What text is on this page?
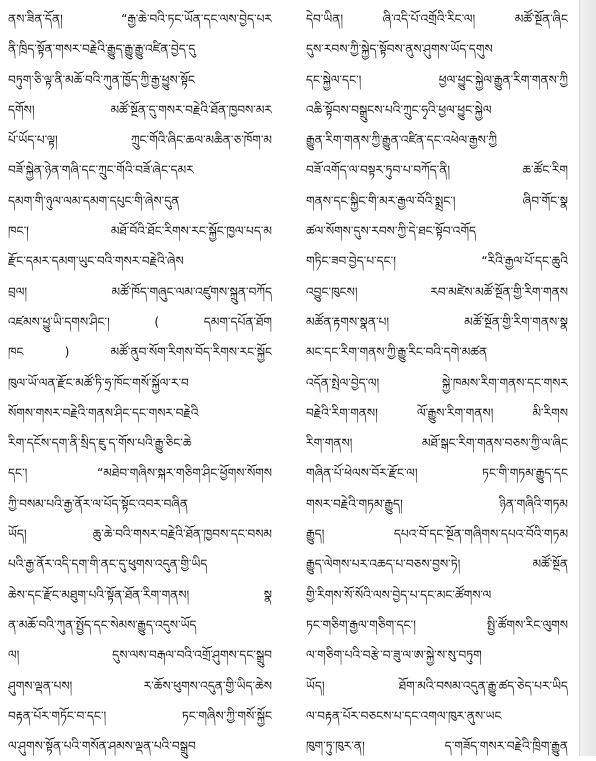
ནས་ཟིན་དོན། “རྒྱ་ཆེ་བའི་ཏང་ཡོན་དང་ལས་བྱེད་པར
ནི་ཁྲིད་སྟོན་གསར་བརྗེའི་རྒྱུད་རྒྱུ་རྒྱུ་འཛིན་བྱེད་དུ
བཏུག་ཅི་ལྟ་ནི་མཆོ་བའི་ཀུན་ཁྱོད་ཀྱི་རྒྱ་ཕྱུས་སྟོང
དགོས། མཚོ་སྔོན་དུ་གསར་བརྗེའི་ཐོན་ཁྱབས་མར
པོ་ཡོད་པ་ལྟ། ཀྲུང་གོའི་ཞིང་ཆལ་མཆིན་ཅ་ཁོག་མ
བཟོ་སྐྱེན་ཉེན་གཞི་དང་ཀྲུང་གོའི་བཟོ་ཞེང་དམར
དམག་གི་ཉུལ་ལམ་དམག་དཔུང་གི་ཞེས་དུན
ཁང་། མཐོ་བོའི་ཐོང་རིགས་རང་སྐྱོང་ཁྱལ་པད་མ
རྫོང་དམར་དམག་ཡུང་བའི་གསར་བརྗེའི་ཞེས
བྲལ། མཚོ་ཁོད་གཞུང་ལམ་འཛུགས་སྐྲུན་བཀོད
འཛམས་ཕྱུ་ཡི་དགས་ཤིང་། ( དམག་དཔོན་ཐོག
ཁང ) མཚོ་ནུབ་སོག་རིགས་བོད་རིགས་རང་སྐྱོང
ཁུལ་ཡོ་ལན་རྫོང་མཚོ་ཏི་ཧྲ་ཁོང་གསོ་སྐྱོལ་ར་བ
སོགས་གསར་བརྗེའི་གནས་ཤིང་དང་གསར་བརྗེའི
རིག་དངོས་དག་ནི་སྲིད་ཇུ་ད་གོས་པའི་རྒྱུ་ཅིང་ཆེ
དང་། “མཐེབ་གཞིས་སྐར་གཅིག་ཤིང་ཕྱོགས་སོགས
ཀྱི་བསམ་པའི་རྒྱ་ནོར་ལ་པོད་སྟོང་འབར་བཞིན
ཡོད། ཆུ་ཆེ་བའི་གསར་བརྗེའི་ཐོན་ཁྱབས་དང་བསམ
པའི་རྒྱ་ནོར་འདི་དག་གི་ནང་དུ་ཕུགས་འདུན་གྱི་ཡིད
ཆེས་དང་རྫོང་མཐུག་པའི་སྟོན་ཐོན་རིག་གནས། སྣ
ན་མཆོ་བའི་ཀུན་སྤྱོད་དང་སེམས་རྒྱུད་འདུས་ཡོད
ལ། དུས་ལས་བརྒལ་བའི་འགྲོ་ཤུགས་དང་སྒྲུབ
ཤུགས་ལྡན་པས། ར་ཆོས་ཕུགས་འདུན་གྱི་ཡིད་ཆེས
བརྟན་པོར་གཏོང་བ་དང་། ཏང་གཞིས་ཀྱི་གསོ་སྐྱོང
ལ་ཤུགས་སྟོན་པའི་གསོན་ཤམས་ལྡན་པའི་བསྒྲུབ
དེབ་ཡིན། ཞི་འདི་པོ་འགྲོའི་རིང་ལ། མཚོ་སྔོན་ཞིང
དུས་རབས་ཀྱི་སྐྱེད་སྟོབས་ནུས་ཤུགས་ཡོད་དགུས
དང་སྐྱེལ་དང་། ཕྱལ་ཕྱུང་སྐྱེལ་རྒྱུན་རིག་གནས་ཀྱི
འཆི་སྟོབས་བསྒྲུངས་པའི་ཀྲུང་ཧྭའི་ཕྱལ་ཕྱུང་སྐྱེལ
རྒྱུན་རིག་གནས་ཀྱི་རྒྱུན་འཛིན་དང་འཕེལ་རྒྱས་ཀྱི
བཟོ་འགོད་ལ་བསྟར་ཏུབ་པ་བཀོད་ནི། ཆ་ཚོང་རིག
གནས་དང་སྐྱིང་གི་མར་རྒྱལ་བོའི་སྨྲང་། ཞིབ་གོང་སྣ
ཚལ་སོགས་དུས་རབས་ཀྱི་དེ་ཐང་སྟོབ་འགོད
གཏིང་ཟབ་བྱེད་པ་དང་། “རིའི་རྒྱལ་པོ་དང་ཆུའི
འབྱུང་ཁུངས། རབ་མཛེས་མཚོ་སྔོན་གྱི་རིག་གནས
མཚོན་རྟགས་སྣན་པ། མཚོ་སྔོན་གྱི་རིག་གནས་སྣ
མང་དང་རིག་གནས་ཀྱི་རྒྱུ་རིང་བའི་དགེ་མཚན
འདོན་སྤེལ་བྱེད་ལ། སྐྱེ་ཁམས་རིག་གནས་དང་གསར
བརྗེའི་རིག་གནས། ལོ་རྒྱུས་རིག་གནས། མི་རིགས
རིག་གནས། མཐོ་སྒང་རིག་གནས་བཅས་ཀྱི་ལ་ཞིང
གཞིན་པོ་ཕེལས་བོར་རྫོང་ལ། ཏང་གི་གཏམ་རྒྱུད་དང
གསར་བརྗེའི་གཏམ་རྒྱུད། ཉིན་གཞིའི་གཏམ
རྒྱུད། དཔའ་བོ་དང་སྔོན་གཞིགས་དཔའ་བོའི་གཏམ
རྒྱུད་ལེགས་པར་འཆད་པ་བཅས་བྱས་ཏེ། མཚོ་སྔོན
གྱི་རིགས་སོ་སོའི་ལས་བྱེད་པ་དང་མང་ཚོགས་ལ
ཏང་གཅིག་རྒྱལ་གཅིག་དང་། སྤྱི་ཚོགས་རིང་ལུགས
ལ་གཅིག་པའི་བརྩེ་བ་ཟུ་ལ་ཨ་སྐྱེ་ས་སུ་བཏུག
ཡོད། ཐོག་མའི་བསམ་འདུན་རྒྱུ་ཚད་ཅེད་པར་ཡིད
ལ་བརྟན་པོར་བཅངས་པ་དང་འགལ་ཁུར་ནུས་ཡང
ཁུག་ཏུ་ཁུར་ན། ད་གཟོད་གསར་བརྗེའི་ཁྲིག་རྒྱུན
